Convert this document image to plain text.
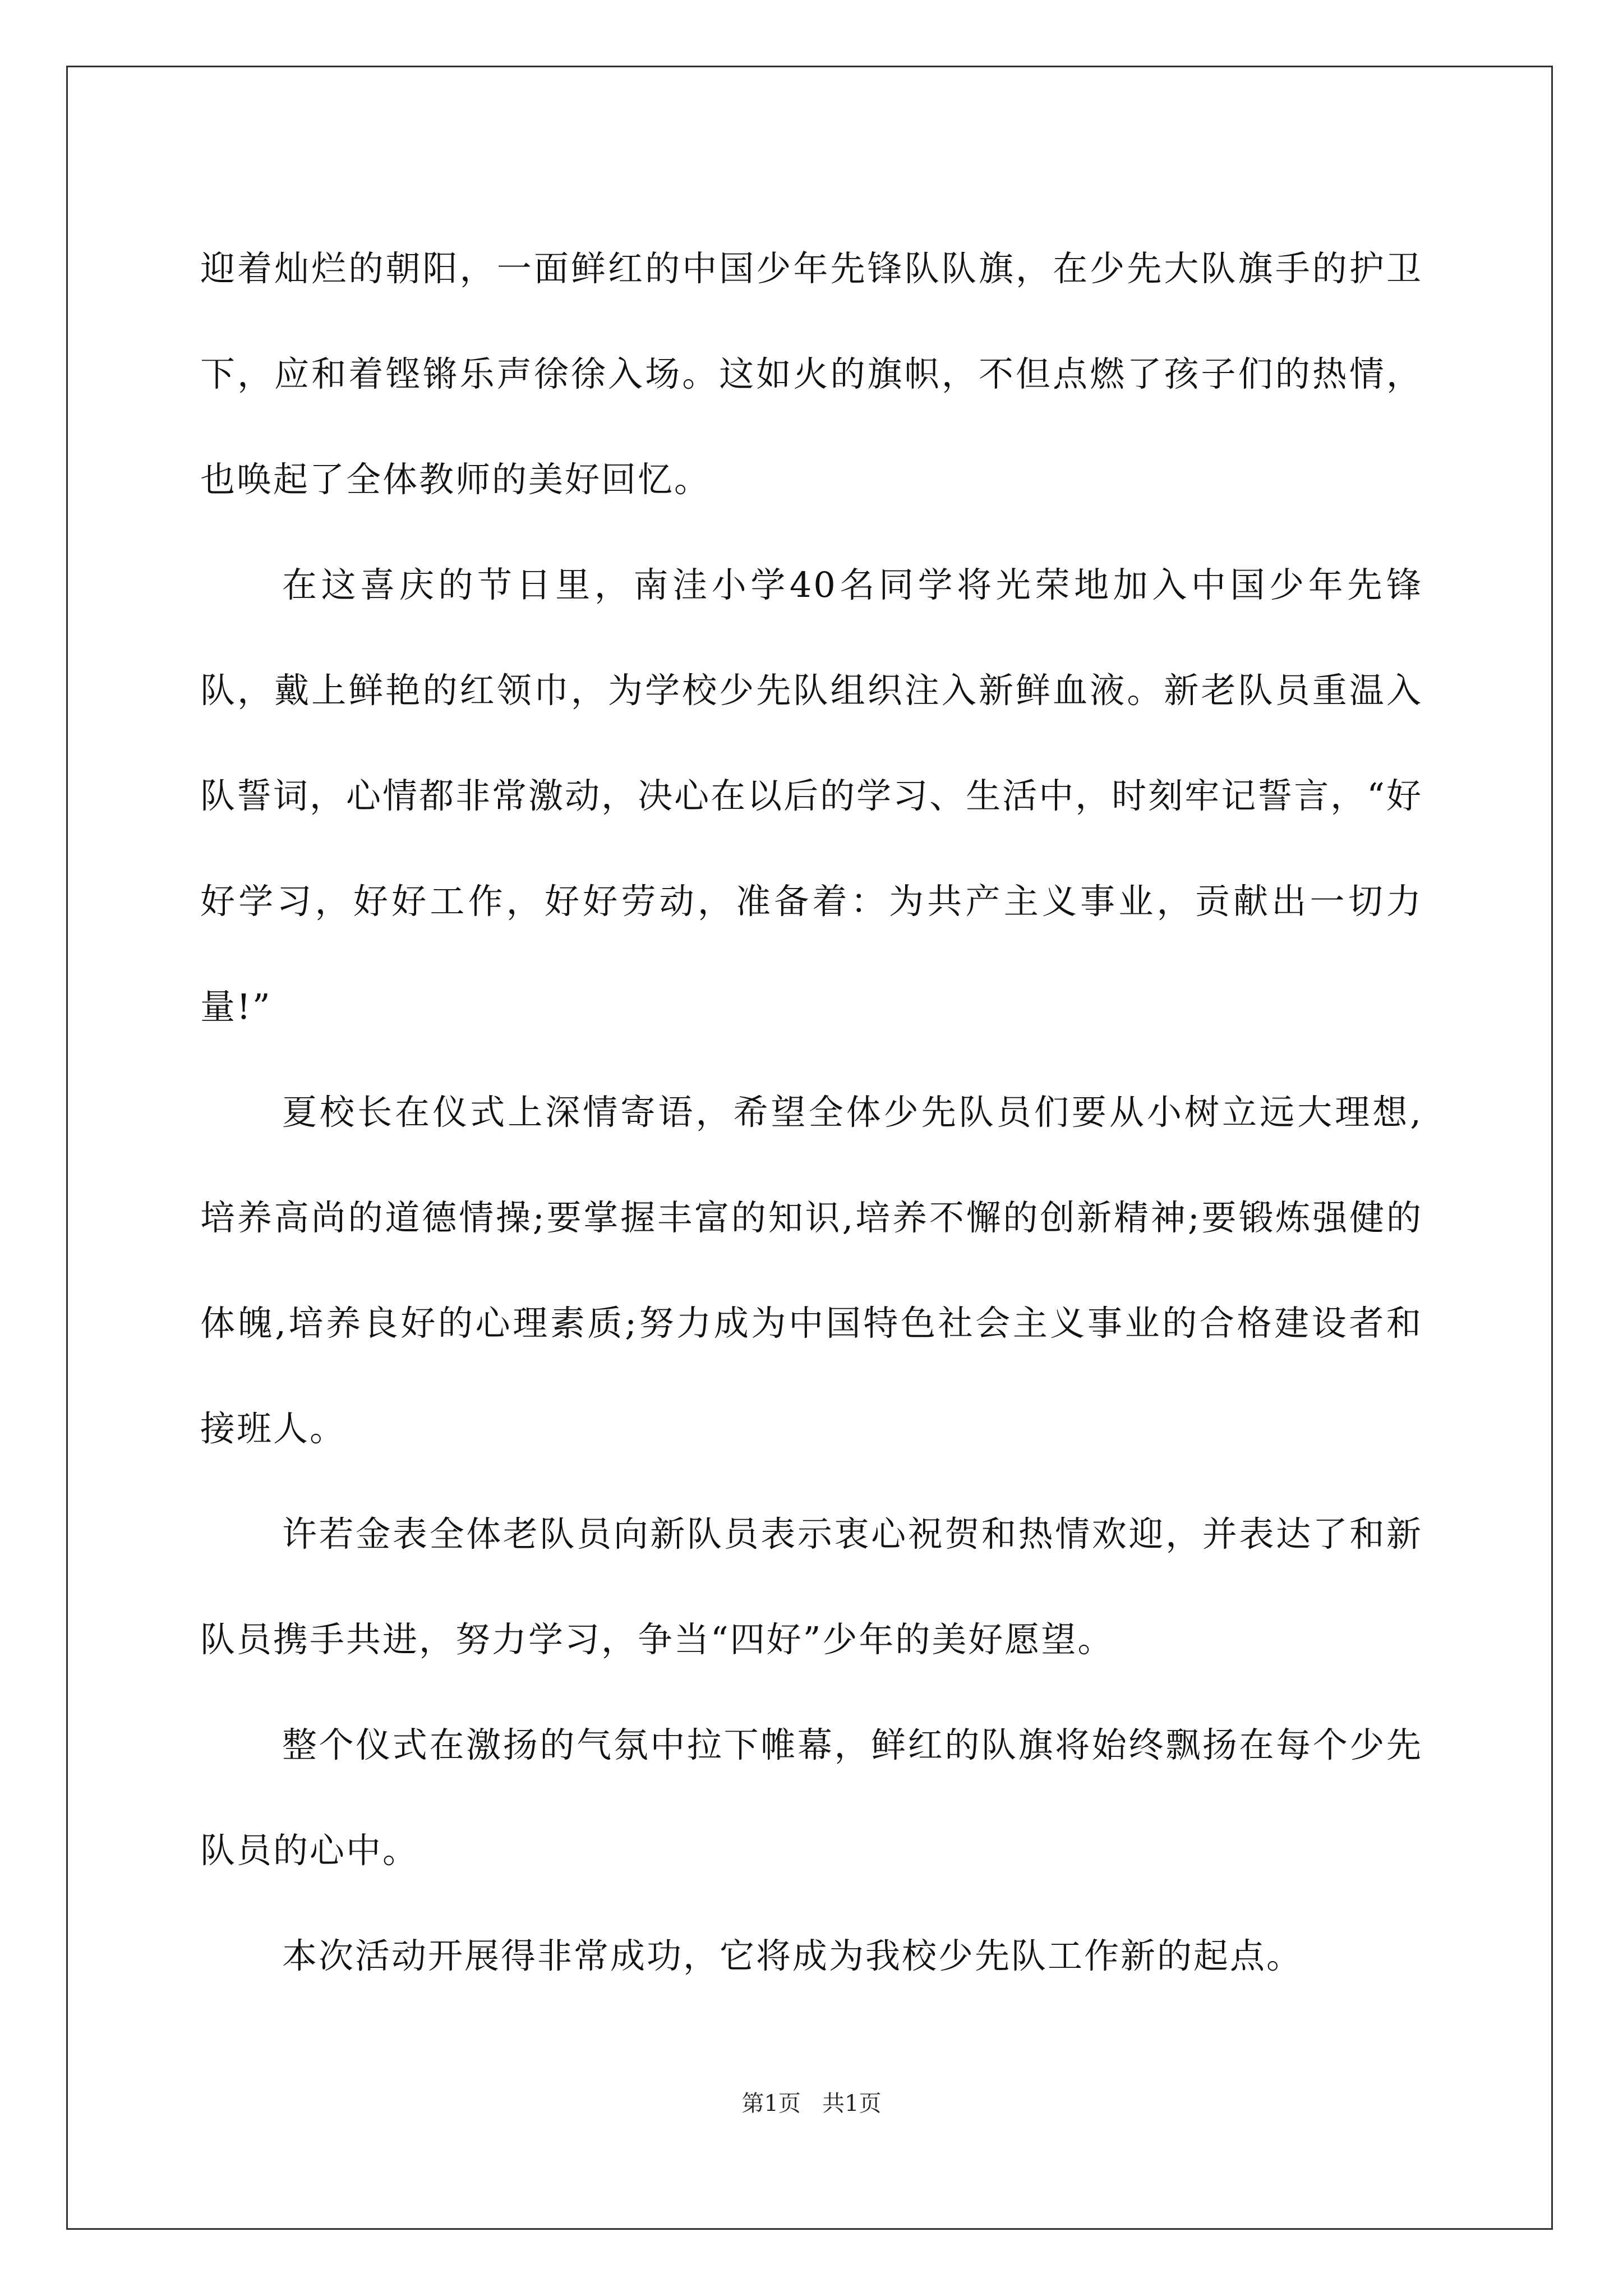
迎着灿烂的朝阳，一面鲜红的中国少年先锋队队旗，在少先大队旗手的护卫下，应和着铿锵乐声徐徐入场。这如火的旗帜，不但点燃了孩子们的热情，也唤起了全体教师的美好回忆。

在这喜庆的节日里，南洼小学40名同学将光荣地加入中国少年先锋队，戴上鲜艳的红领巾，为学校少先队组织注入新鲜血液。新老队员重温入队誓词，心情都非常激动，决心在以后的学习、生活中，时刻牢记誓言，“好好学习，好好工作，好好劳动，准备着：为共产主义事业，贡献出一切力量!”

夏校长在仪式上深情寄语，希望全体少先队员们要从小树立远大理想,培养高尚的道德情操;要掌握丰富的知识,培养不懈的创新精神;要锻炼强健的体魄,培养良好的心理素质;努力成为中国特色社会主义事业的合格建设者和接班人。

许若金表全体老队员向新队员表示衷心祝贺和热情欢迎，并表达了和新队员携手共进，努力学习，争当“四好”少年的美好愿望。

整个仪式在激扬的气氛中拉下帷幕，鲜红的队旗将始终飘扬在每个少先队员的心中。

本次活动开展得非常成功，它将成为我校少先队工作新的起点。

第1页   共1页
